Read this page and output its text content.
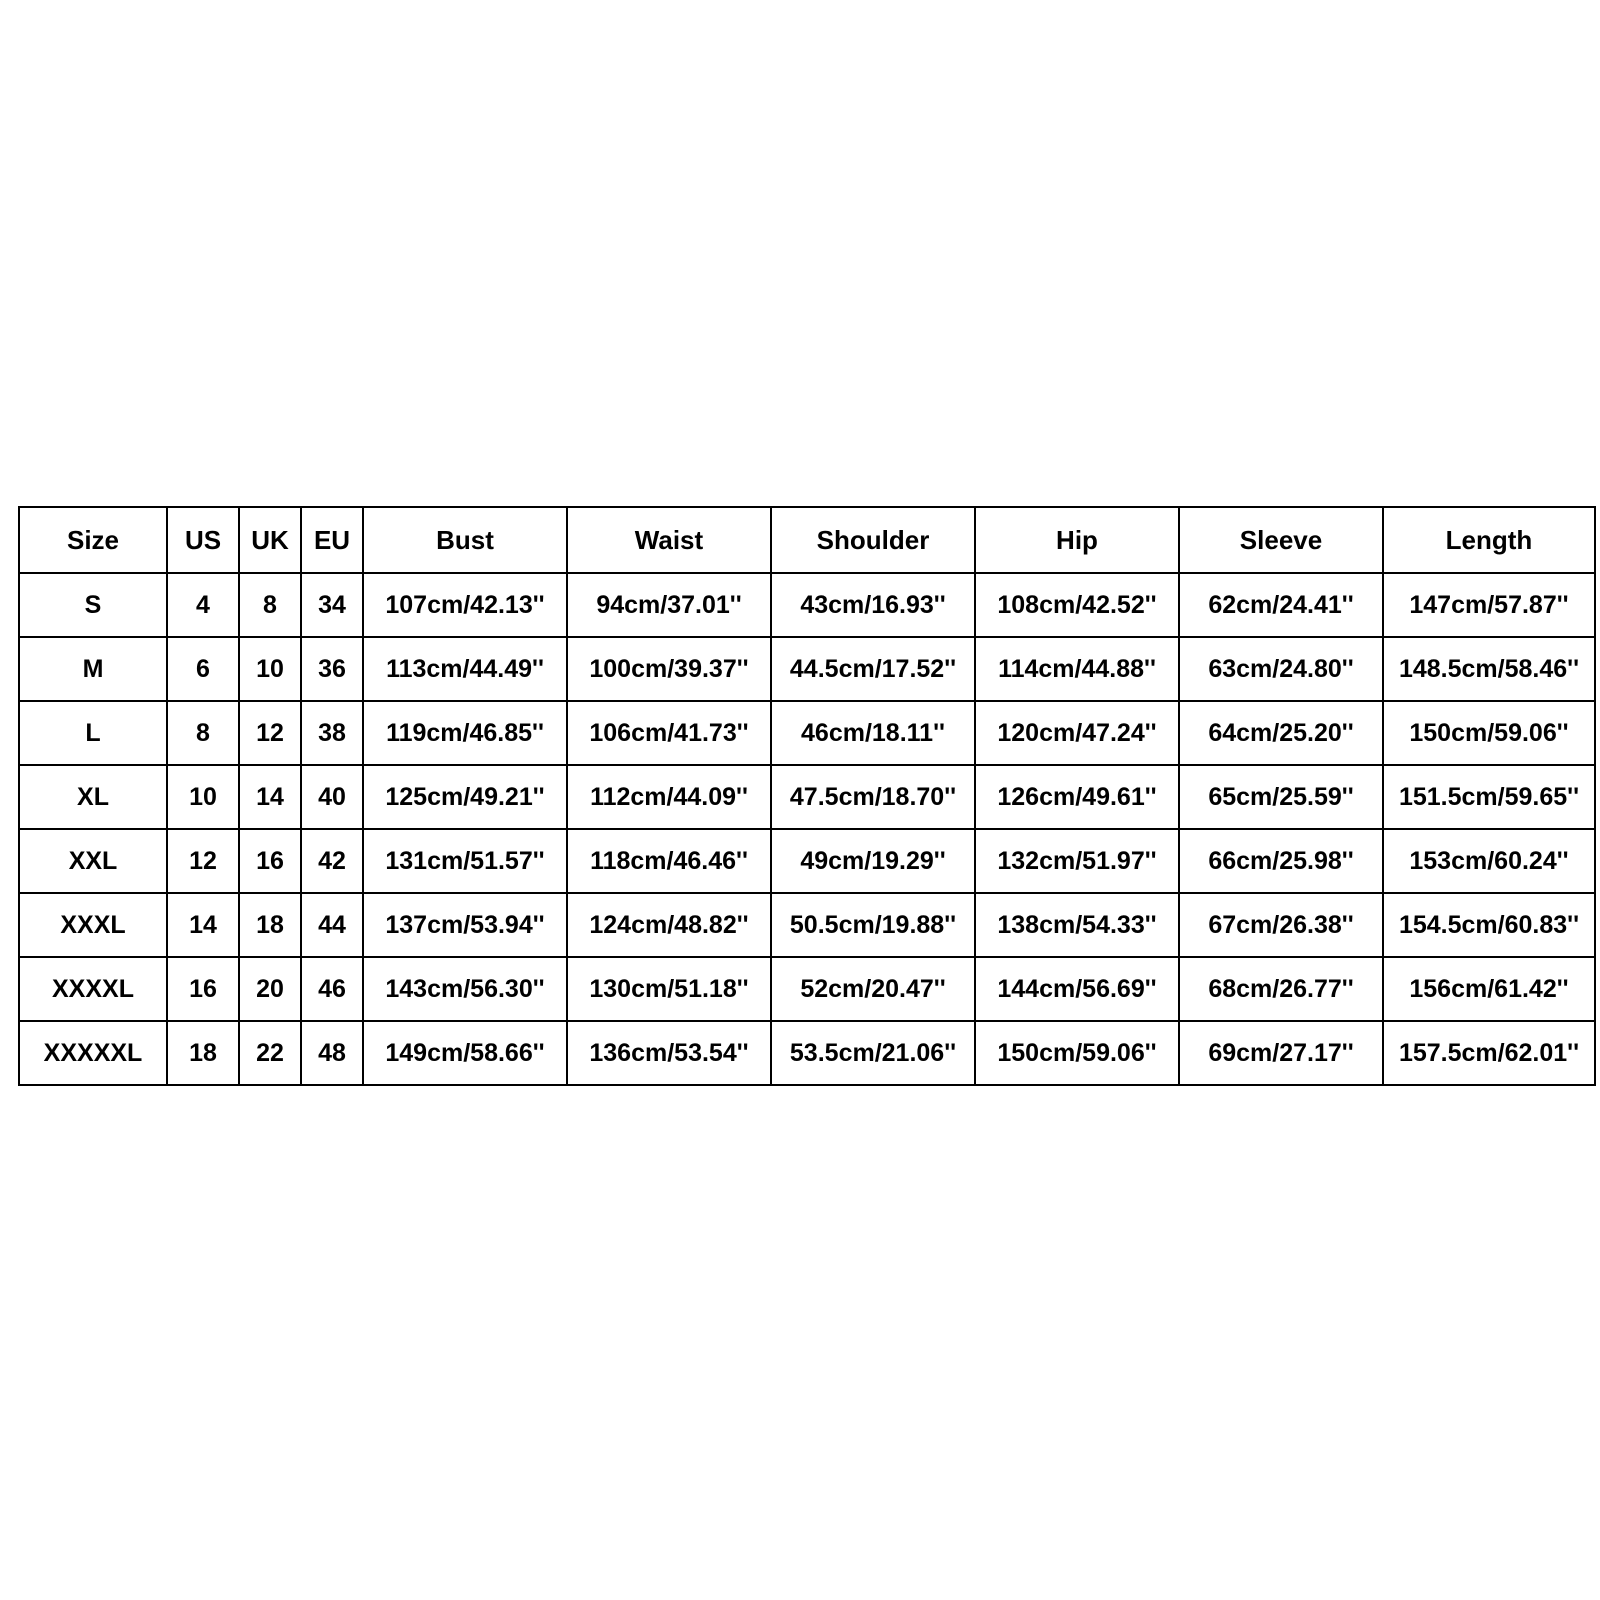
Size	US	UK	EU	Bust	Waist	Shoulder	Hip	Sleeve	Length
S	4	8	34	107cm/42.13''	94cm/37.01''	43cm/16.93''	108cm/42.52''	62cm/24.41''	147cm/57.87''
M	6	10	36	113cm/44.49''	100cm/39.37''	44.5cm/17.52''	114cm/44.88''	63cm/24.80''	148.5cm/58.46''
L	8	12	38	119cm/46.85''	106cm/41.73''	46cm/18.11''	120cm/47.24''	64cm/25.20''	150cm/59.06''
XL	10	14	40	125cm/49.21''	112cm/44.09''	47.5cm/18.70''	126cm/49.61''	65cm/25.59''	151.5cm/59.65''
XXL	12	16	42	131cm/51.57''	118cm/46.46''	49cm/19.29''	132cm/51.97''	66cm/25.98''	153cm/60.24''
XXXL	14	18	44	137cm/53.94''	124cm/48.82''	50.5cm/19.88''	138cm/54.33''	67cm/26.38''	154.5cm/60.83''
XXXXL	16	20	46	143cm/56.30''	130cm/51.18''	52cm/20.47''	144cm/56.69''	68cm/26.77''	156cm/61.42''
XXXXXL	18	22	48	149cm/58.66''	136cm/53.54''	53.5cm/21.06''	150cm/59.06''	69cm/27.17''	157.5cm/62.01''
